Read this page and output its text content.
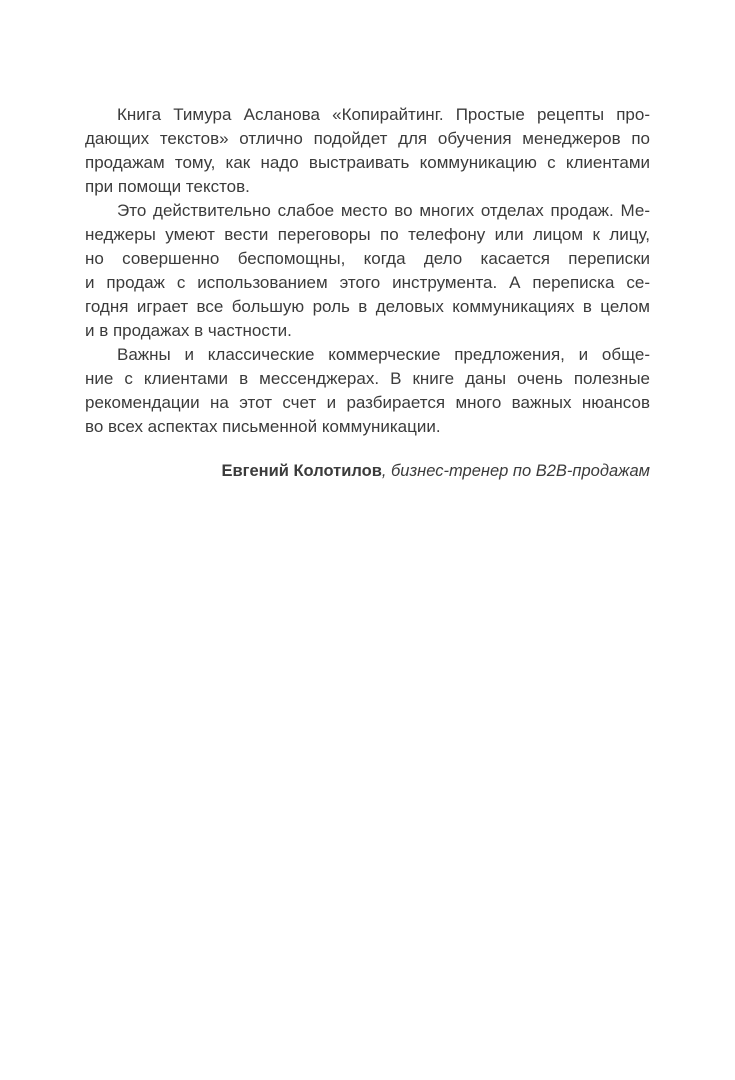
Книга Тимура Асланова «Копирайтинг. Простые рецепты про-
дающих текстов» отлично подойдет для обучения менеджеров по
продажам тому, как надо выстраивать коммуникацию с клиентами
при помощи текстов.
Это действительно слабое место во многих отделах продаж. Ме-
неджеры умеют вести переговоры по телефону или лицом к лицу,
но совершенно беспомощны, когда дело касается переписки
и продаж с использованием этого инструмента. А переписка се-
годня играет все большую роль в деловых коммуникациях в целом
и в продажах в частности.
Важны и классические коммерческие предложения, и обще-
ние с клиентами в мессенджерах. В книге даны очень полезные
рекомендации на этот счет и разбирается много важных нюансов
во всех аспектах письменной коммуникации.
Евгений Колотилов, бизнес-тренер по B2B-продажам
